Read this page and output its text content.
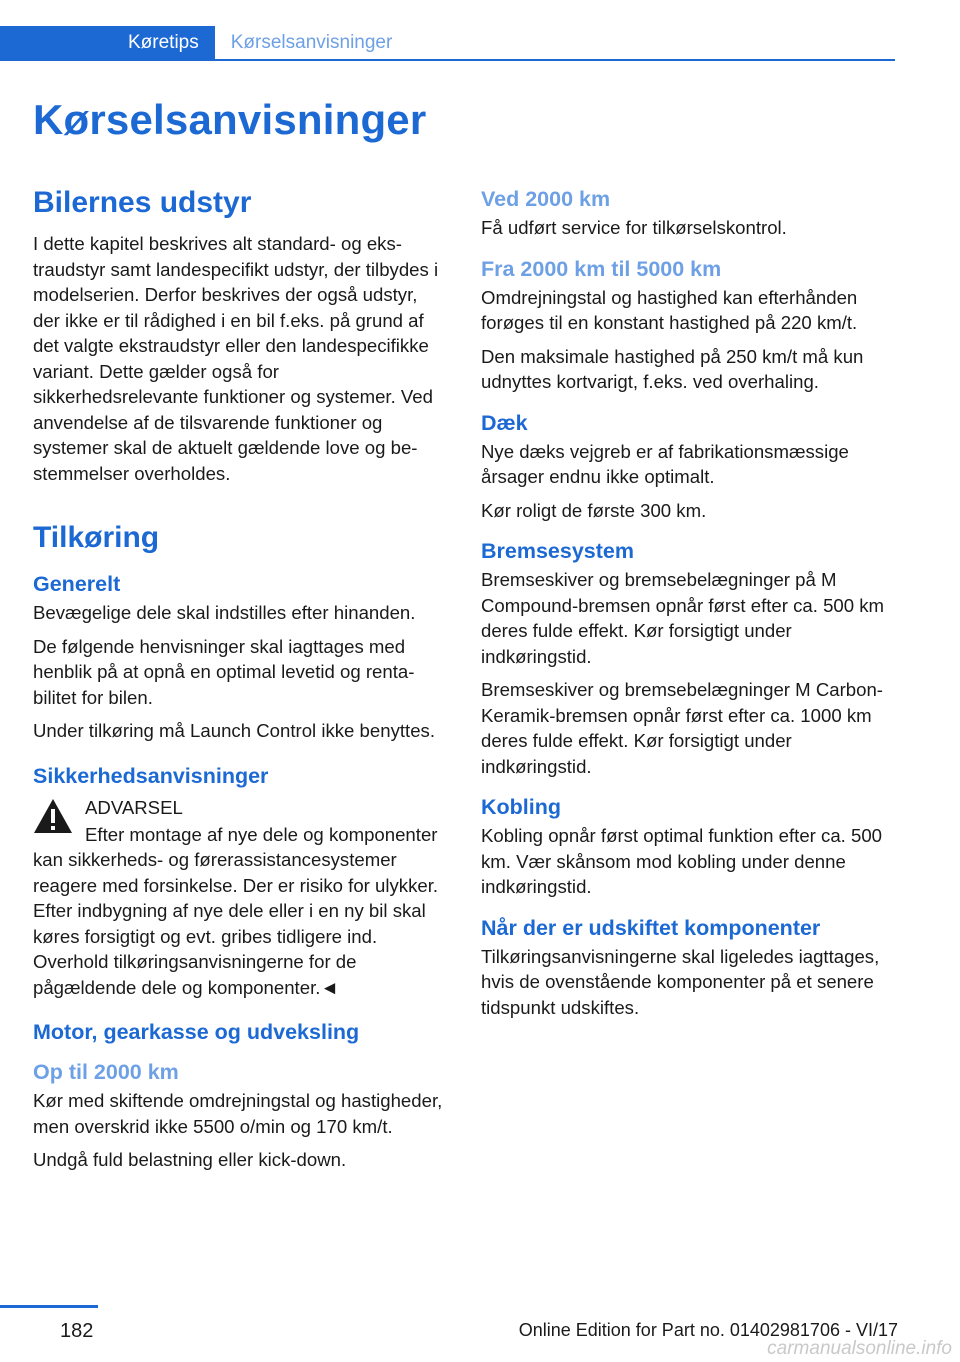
Køretips	Kørselsanvisninger
Kørselsanvisninger
Bilernes udstyr

I dette kapitel beskrives alt standard- og ekstraudstyr samt landespecifikt udstyr, der tilbydes i modelserien. Derfor beskrives der også udstyr, der ikke er til rådighed i en bil f.eks. på grund af det valgte ekstraudstyr eller den landespecifikke variant. Dette gælder også for sikkerhedsrelevante funktioner og systemer. Ved anvendelse af de tilsvarende funktioner og systemer skal de aktuelt gældende love og bestemmelser overholdes.

Tilkøring
Generelt

Bevægelige dele skal indstilles efter hinanden.

De følgende henvisninger skal iagttages med henblik på at opnå en optimal levetid og rentabilitet for bilen.

Under tilkøring må Launch Control ikke benyttes.

Sikkerhedsanvisninger
ADVARSEL
Efter montage af nye dele og komponenter kan sikkerheds- og førerassistancesystemer reagere med forsinkelse. Der er risiko for ulykker. Efter indbygning af nye dele eller i en ny bil skal køres forsigtigt og evt. gribes tidligere ind. Overhold tilkøringsanvisningerne for de pågældende dele og komponenter.◄
Motor, gearkasse og udveksling
Op til 2000 km

Kør med skiftende omdrejningstal og hastigheder, men overskrid ikke 5500 o/min og 170 km/t.

Undgå fuld belastning eller kick-down.

Ved 2000 km

Få udført service for tilkørselskontrol.

Fra 2000 km til 5000 km

Omdrejningstal og hastighed kan efterhånden forøges til en konstant hastighed på 220 km/t.

Den maksimale hastighed på 250 km/t må kun udnyttes kortvarigt, f.eks. ved overhaling.

Dæk

Nye dæks vejgreb er af fabrikationsmæssige årsager endnu ikke optimalt.

Kør roligt de første 300 km.

Bremsesystem

Bremseskiver og bremsebelægninger på M Compound-bremsen opnår først efter ca. 500 km deres fulde effekt. Kør forsigtigt under indkøringstid.

Bremseskiver og bremsebelægninger M Carbon-Keramik-bremsen opnår først efter ca. 1000 km deres fulde effekt. Kør forsigtigt under indkøringstid.

Kobling

Kobling opnår først optimal funktion efter ca. 500 km. Vær skånsom mod kobling under denne indkøringstid.

Når der er udskiftet komponenter

Tilkøringsanvisningerne skal ligeledes iagttages, hvis de ovenstående komponenter på et senere tidspunkt udskiftes.

182	Online Edition for Part no. 01402981706 - VI/17
carmanualsonline.info
